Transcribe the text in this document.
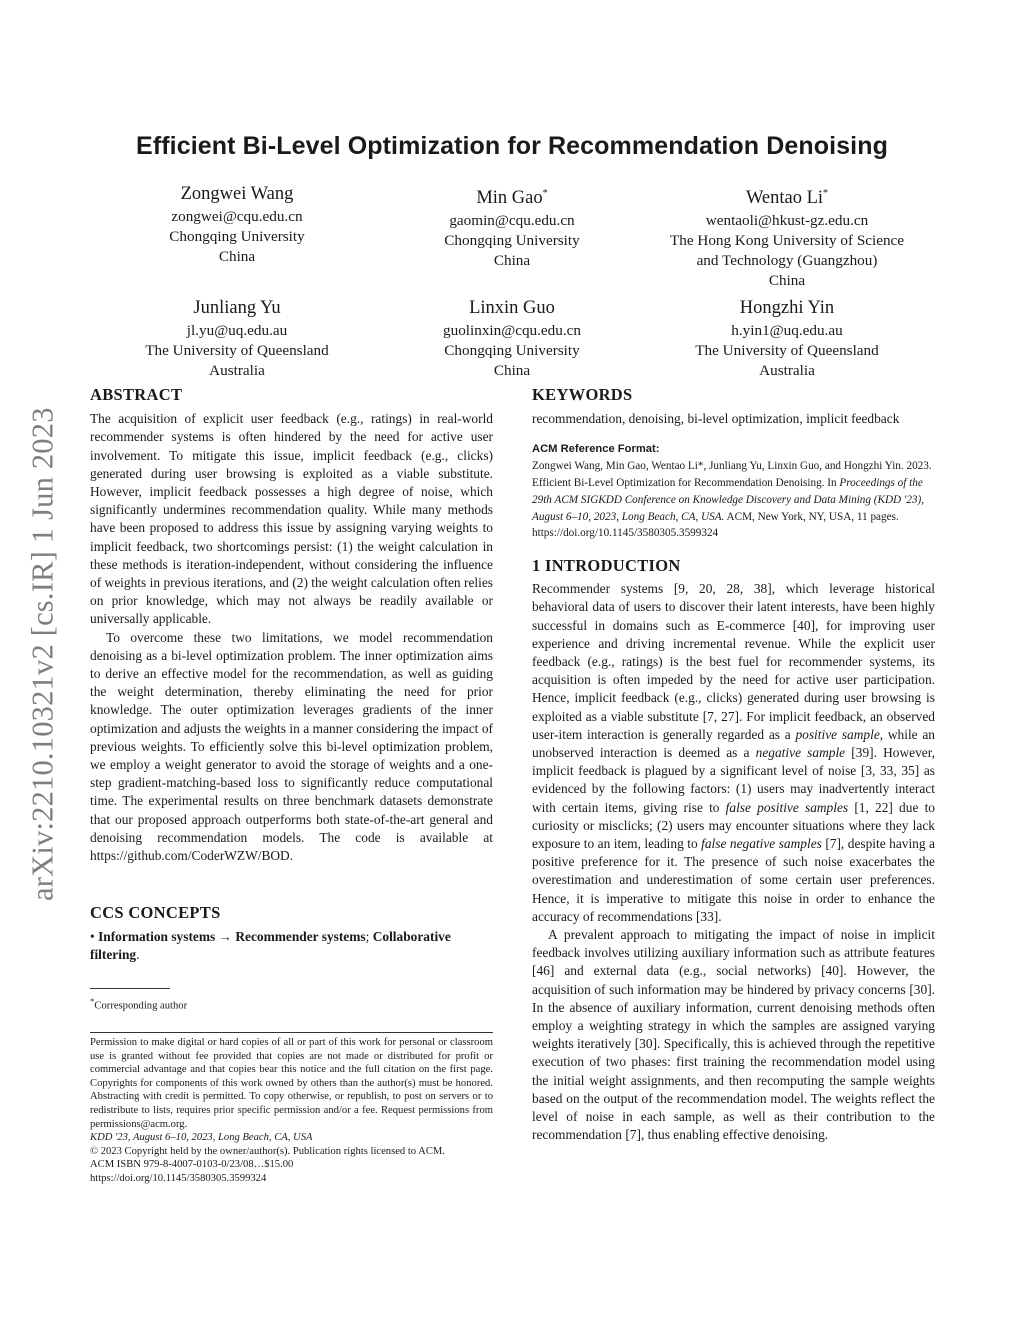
arXiv:2210.10321v2 [cs.IR] 1 Jun 2023
Efficient Bi-Level Optimization for Recommendation Denoising
Zongwei Wang
zongwei@cqu.edu.cn
Chongqing University
China
Min Gao*
gaomin@cqu.edu.cn
Chongqing University
China
Wentao Li*
wentaoli@hkust-gz.edu.cn
The Hong Kong University of Science
and Technology (Guangzhou)
China
Junliang Yu
jl.yu@uq.edu.au
The University of Queensland
Australia
Linxin Guo
guolinxin@cqu.edu.cn
Chongqing University
China
Hongzhi Yin
h.yin1@uq.edu.au
The University of Queensland
Australia
ABSTRACT

The acquisition of explicit user feedback (e.g., ratings) in real-world recommender systems is often hindered by the need for active user involvement. To mitigate this issue, implicit feedback (e.g., clicks) generated during user browsing is exploited as a viable substitute. However, implicit feedback possesses a high degree of noise, which significantly undermines recommendation quality. While many methods have been proposed to address this issue by assigning varying weights to implicit feedback, two shortcomings persist: (1) the weight calculation in these methods is iteration-independent, without considering the influence of weights in previous iterations, and (2) the weight calculation often relies on prior knowledge, which may not always be readily available or universally applicable.

To overcome these two limitations, we model recommendation denoising as a bi-level optimization problem. The inner optimization aims to derive an effective model for the recommendation, as well as guiding the weight determination, thereby eliminating the need for prior knowledge. The outer optimization leverages gradients of the inner optimization and adjusts the weights in a manner considering the impact of previous weights. To efficiently solve this bi-level optimization problem, we employ a weight generator to avoid the storage of weights and a one-step gradient-matching-based loss to significantly reduce computational time. The experimental results on three benchmark datasets demonstrate that our proposed approach outperforms both state-of-the-art general and denoising recommendation models. The code is available at https://github.com/CoderWZW/BOD.

CCS CONCEPTS

• Information systems → Recommender systems; Collaborative filtering.

*Corresponding author

Permission to make digital or hard copies of all or part of this work for personal or classroom use is granted without fee provided that copies are not made or distributed for profit or commercial advantage and that copies bear this notice and the full citation on the first page. Copyrights for components of this work owned by others than the author(s) must be honored. Abstracting with credit is permitted. To copy otherwise, or republish, to post on servers or to redistribute to lists, requires prior specific permission and/or a fee. Request permissions from permissions@acm.org.

KDD '23, August 6–10, 2023, Long Beach, CA, USA

© 2023 Copyright held by the owner/author(s). Publication rights licensed to ACM.

ACM ISBN 979-8-4007-0103-0/23/08…$15.00

https://doi.org/10.1145/3580305.3599324

KEYWORDS

recommendation, denoising, bi-level optimization, implicit feedback

ACM Reference Format:

Zongwei Wang, Min Gao, Wentao Li*, Junliang Yu, Linxin Guo, and Hongzhi Yin. 2023. Efficient Bi-Level Optimization for Recommendation Denoising. In Proceedings of the 29th ACM SIGKDD Conference on Knowledge Discovery and Data Mining (KDD '23), August 6–10, 2023, Long Beach, CA, USA. ACM, New York, NY, USA, 11 pages. https://doi.org/10.1145/3580305.3599324

1 INTRODUCTION

Recommender systems [9, 20, 28, 38], which leverage historical behavioral data of users to discover their latent interests, have been highly successful in domains such as E-commerce [40], for improving user experience and driving incremental revenue. While the explicit user feedback (e.g., ratings) is the best fuel for recommender systems, its acquisition is often impeded by the need for active user participation. Hence, implicit feedback (e.g., clicks) generated during user browsing is exploited as a viable substitute [7, 27]. For implicit feedback, an observed user-item interaction is generally regarded as a positive sample, while an unobserved interaction is deemed as a negative sample [39]. However, implicit feedback is plagued by a significant level of noise [3, 33, 35] as evidenced by the following factors: (1) users may inadvertently interact with certain items, giving rise to false positive samples [1, 22] due to curiosity or misclicks; (2) users may encounter situations where they lack exposure to an item, leading to false negative samples [7], despite having a positive preference for it. The presence of such noise exacerbates the overestimation and underestimation of some certain user preferences. Hence, it is imperative to mitigate this noise in order to enhance the accuracy of recommendations [33].

A prevalent approach to mitigating the impact of noise in implicit feedback involves utilizing auxiliary information such as attribute features [46] and external data (e.g., social networks) [40]. However, the acquisition of such information may be hindered by privacy concerns [30]. In the absence of auxiliary information, current denoising methods often employ a weighting strategy in which the samples are assigned varying weights iteratively [30]. Specifically, this is achieved through the repetitive execution of two phases: first training the recommendation model using the initial weight assignments, and then recomputing the sample weights based on the output of the recommendation model. The weights reflect the level of noise in each sample, as well as their contribution to the recommendation [7], thus enabling effective denoising.
